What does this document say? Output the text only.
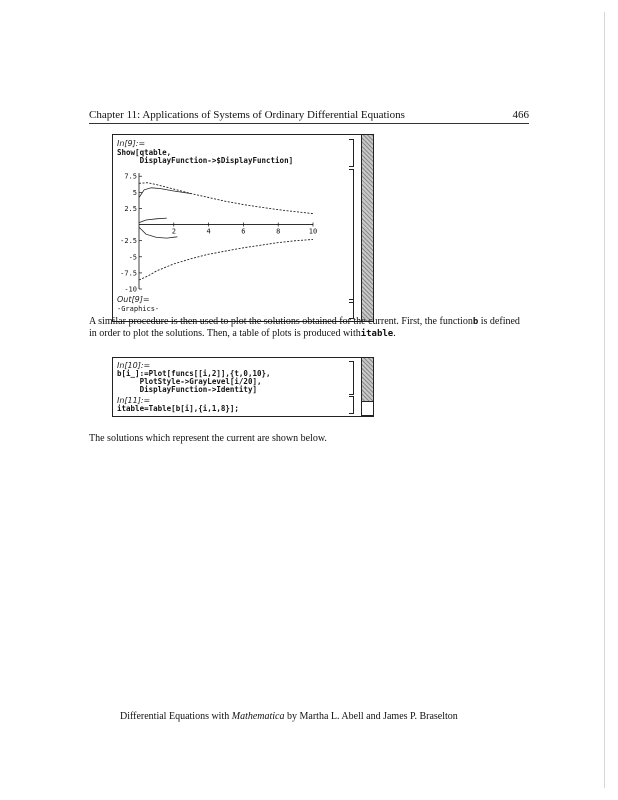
Chapter 11: Applications of Systems of Ordinary Differential Equations	466
In[9]:=
Show[qtable,
DisplayFunction->$DisplayFunction]
7.5
5
2.5
-2.5
-5
-7.5
-10
2	4	6	8	10
Out[9]=
-Graphics-

A similar procedure is then used to plot the solutions obtained for the current. First, the functionb is defined in order to plot the solutions. Then, a table of plots is produced withitable.

In[10]:=
b[i_]:=Plot[funcs[[i,2]],{t,0,10},
PlotStyle->GrayLevel[i/20],
DisplayFunction->Identity]
In[11]:=
itable=Table[b[i],{i,1,8}];

The solutions which represent the current are shown below.

Differential Equations with Mathematica by Martha L. Abell and James P. Braselton
